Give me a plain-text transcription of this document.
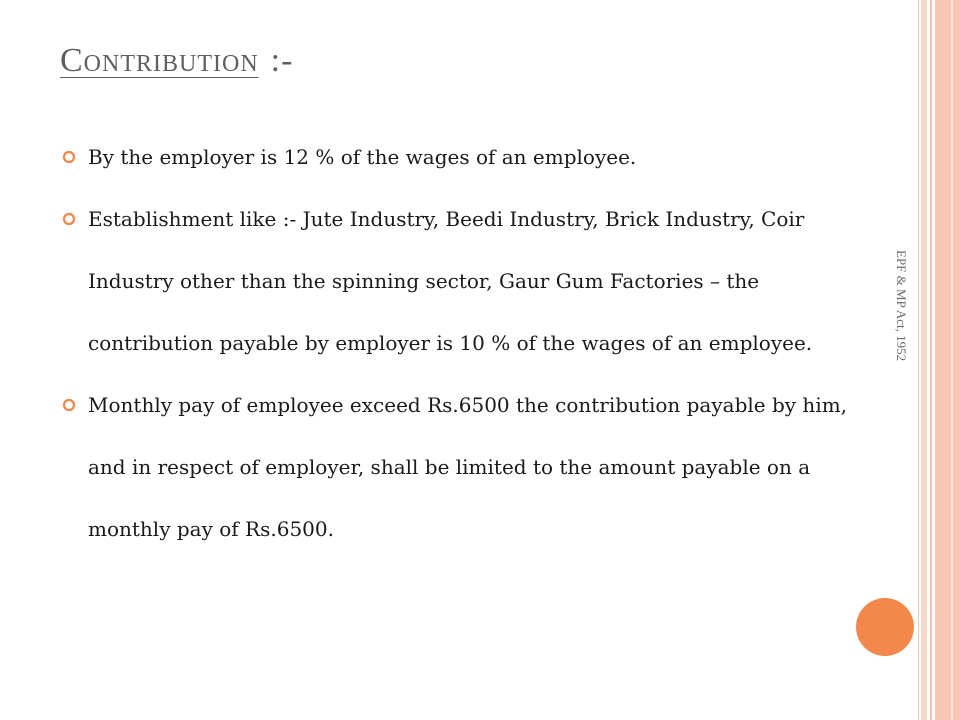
Contribution :-
By the employer is 12 % of the wages of an employee.
Establishment like :- Jute Industry, Beedi Industry, Brick Industry, Coir Industry other than the spinning sector, Gaur Gum Factories – the contribution payable by employer is 10 % of the wages of an employee.
Monthly pay of employee exceed Rs.6500 the contribution payable by him, and in respect of employer, shall be limited to the amount payable on a monthly pay of Rs.6500.
EPF & MP Act, 1952
